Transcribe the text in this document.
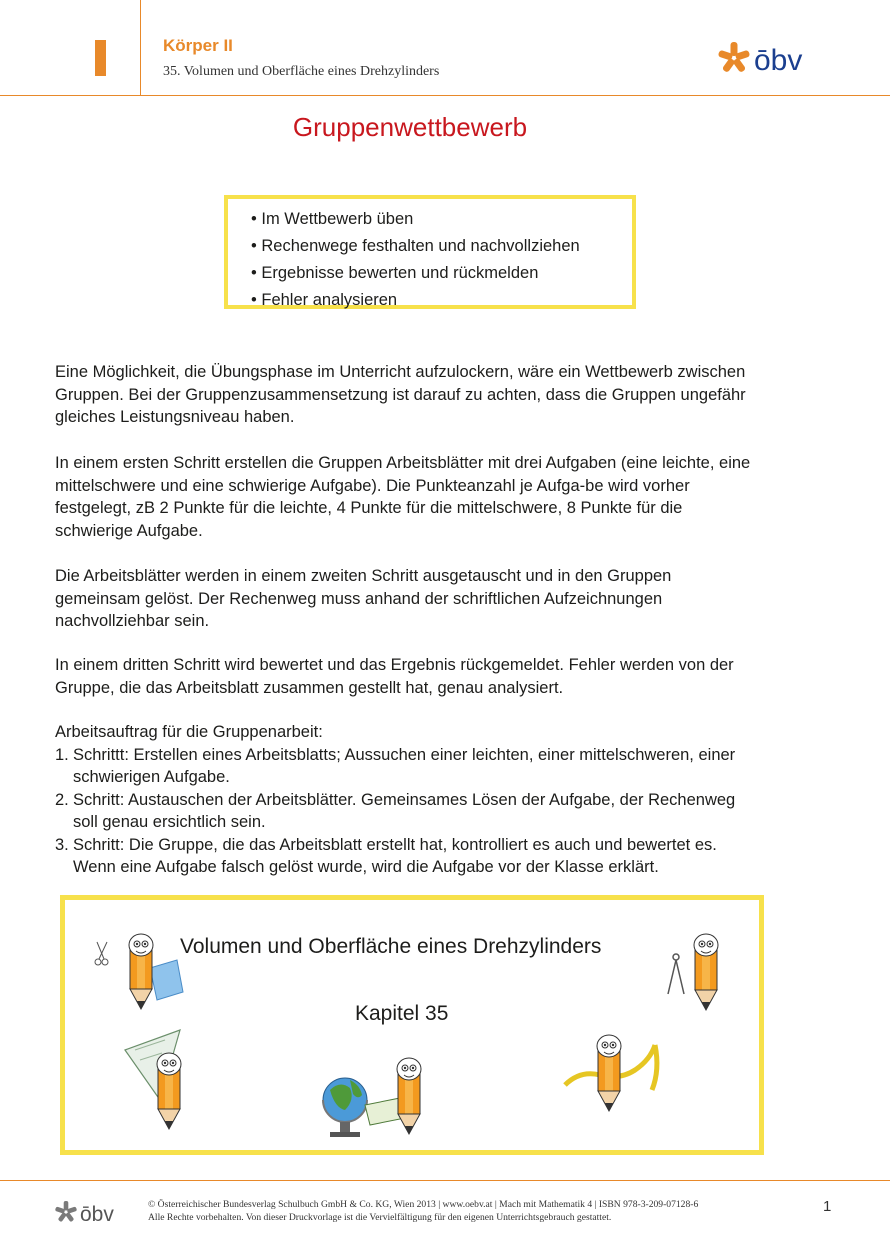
Körper II
35. Volumen und Oberfläche eines Drehzylinders	ōbv
Gruppenwettbewerb
• Im Wettbewerb üben
• Rechenwege festhalten und nachvollziehen
• Ergebnisse bewerten und rückmelden
• Fehler analysieren

Eine Möglichkeit, die Übungsphase im Unterricht aufzulockern, wäre ein Wettbewerb zwischen Gruppen. Bei der Gruppenzusammensetzung ist darauf zu achten, dass die Gruppen ungefähr gleiches Leistungsniveau haben.

In einem ersten Schritt erstellen die Gruppen Arbeitsblätter mit drei Aufgaben (eine leichte, eine mittelschwere und eine schwierige Aufgabe). Die Punkteanzahl je Aufga-be wird vorher festgelegt, zB 2 Punkte für die leichte, 4 Punkte für die mittelschwere, 8 Punkte für die schwierige Aufgabe.

Die Arbeitsblätter werden in einem zweiten Schritt ausgetauscht und in den Gruppen gemeinsam gelöst. Der Rechenweg muss anhand der schriftlichen Aufzeichnungen nachvollziehbar sein.

In einem dritten Schritt wird bewertet und das Ergebnis rückgemeldet. Fehler werden von der Gruppe, die das Arbeitsblatt zusammen gestellt hat, genau analysiert.

Arbeitsauftrag für die Gruppenarbeit:

1. Schrittt: Erstellen eines Arbeitsblatts; Aussuchen einer leichten, einer mittelschweren, einer schwierigen Aufgabe.
2. Schritt: Austauschen der Arbeitsblätter. Gemeinsames Lösen der Aufgabe, der Rechenweg soll genau ersichtlich sein.
3. Schritt: Die Gruppe, die das Arbeitsblatt erstellt hat, kontrolliert es auch und bewertet es. Wenn eine Aufgabe falsch gelöst wurde, wird die Aufgabe vor der Klasse erklärt.
Volumen und Oberfläche eines Drehzylinders
Kapitel 35
ōbv	© Österreichischer Bundesverlag Schulbuch GmbH & Co. KG, Wien 2013 | www.oebv.at | Mach mit Mathematik 4 | ISBN 978-3-209-07128-6
Alle Rechte vorbehalten. Von dieser Druckvorlage ist die Vervielfältigung für den eigenen Unterrichtsgebrauch gestattet.
1
